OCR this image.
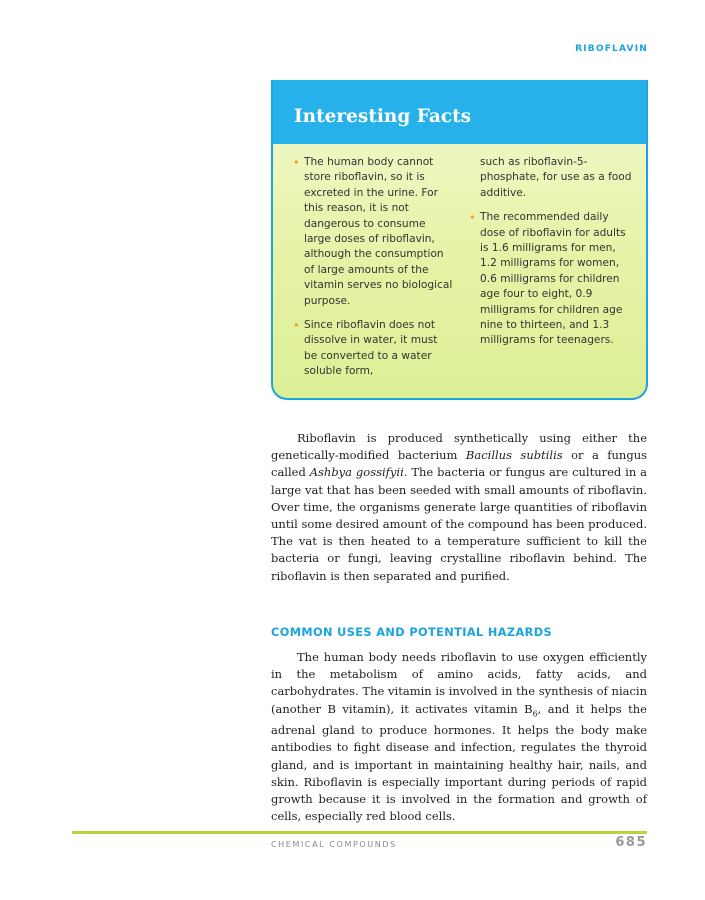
RIBOFLAVIN
Interesting Facts
• The human body cannot store riboflavin, so it is excreted in the urine. For this reason, it is not dangerous to consume large doses of riboflavin, although the consumption of large amounts of the vitamin serves no biological purpose.
• Since riboflavin does not dissolve in water, it must be converted to a water soluble form,
such as riboflavin-5-phosphate, for use as a food additive.
• The recommended daily dose of riboflavin for adults is 1.6 milligrams for men, 1.2 milligrams for women, 0.6 milligrams for children age four to eight, 0.9 milligrams for children age nine to thirteen, and 1.3 milligrams for teenagers.

Riboflavin is produced synthetically using either the genetically-modified bacterium Bacillus subtilis or a fungus called Ashbya gossifyii. The bacteria or fungus are cultured in a large vat that has been seeded with small amounts of riboflavin. Over time, the organisms generate large quantities of riboflavin until some desired amount of the compound has been produced. The vat is then heated to a temperature sufficient to kill the bacteria or fungi, leaving crystalline riboflavin behind. The riboflavin is then separated and purified.

COMMON USES AND POTENTIAL HAZARDS

The human body needs riboflavin to use oxygen efficiently in the metabolism of amino acids, fatty acids, and carbohydrates. The vitamin is involved in the synthesis of niacin (another B vitamin), it activates vitamin $B_6$, and it helps the adrenal gland to produce hormones. It helps the body make antibodies to fight disease and infection, regulates the thyroid gland, and is important in maintaining healthy hair, nails, and skin. Riboflavin is especially important during periods of rapid growth because it is involved in the formation and growth of cells, especially red blood cells.

CHEMICAL COMPOUNDS	685
